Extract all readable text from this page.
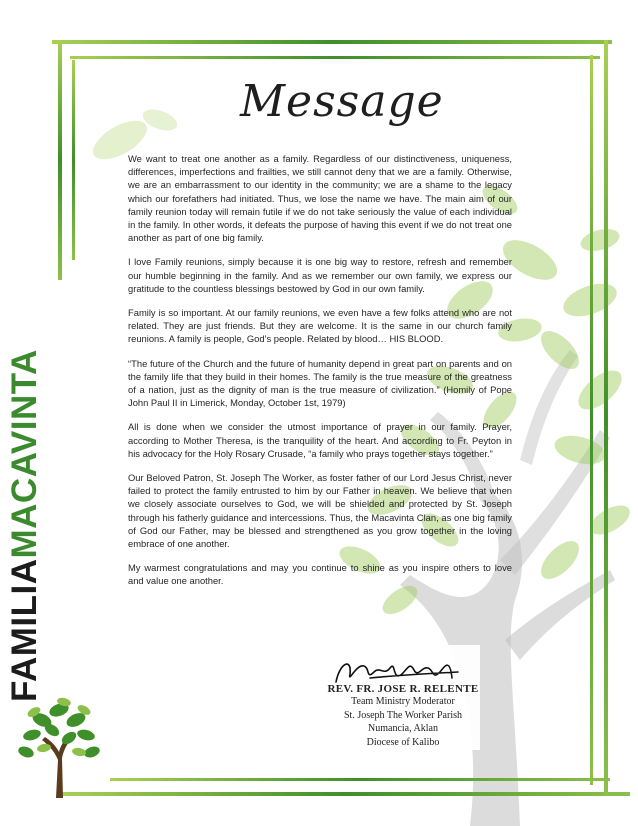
FAMILIAMACAVINTA
Message

We want to treat one another as a family. Regardless of our distinctiveness, uniqueness, differences, imperfections and frailties, we still cannot deny that we are a family. Otherwise, we are an embarrassment to our identity in the community; we are a shame to the legacy which our forefathers had initiated. Thus, we lose the name we have. The main aim of our family reunion today will remain futile if we do not take seriously the value of each individual in the family. In other words, it defeats the purpose of having this event if we do not treat one another as part of one big family.

I love Family reunions, simply because it is one big way to restore, refresh and remember our humble beginning in the family. And as we remember our own family, we express our gratitude to the countless blessings bestowed by God in our own family.

Family is so important. At our family reunions, we even have a few folks attend who are not related. They are just friends. But they are welcome. It is the same in our church family reunions. A family is people, God’s people. Related by blood… HIS BLOOD.

“The future of the Church and the future of humanity depend in great part on parents and on the family life that they build in their homes. The family is the true measure of the greatness of a nation, just as the dignity of man is the true measure of civilization.” (Homily of Pope John Paul II in Limerick, Monday, October 1st, 1979)

All is done when we consider the utmost importance of prayer in our family. Prayer, according to Mother Theresa, is the tranquility of the heart. And according to Fr. Peyton in his advocacy for the Holy Rosary Crusade, “a family who prays together stays together.”

Our Beloved Patron, St. Joseph The Worker, as foster father of our Lord Jesus Christ, never failed to protect the family entrusted to him by our Father in heaven. We believe that when we closely associate ourselves to God, we will be shielded and protected by St. Joseph through his fatherly guidance and intercessions. Thus, the Macavinta Clan, as one big family of God our Father, may be blessed and strengthened as you grow together in the loving embrace of one another.

My warmest congratulations and may you continue to shine as you inspire others to love and value one another.

REV. FR. JOSE R. RELENTE
Team Ministry Moderator
St. Joseph The Worker Parish
Numancia, Aklan
Diocese of Kalibo
